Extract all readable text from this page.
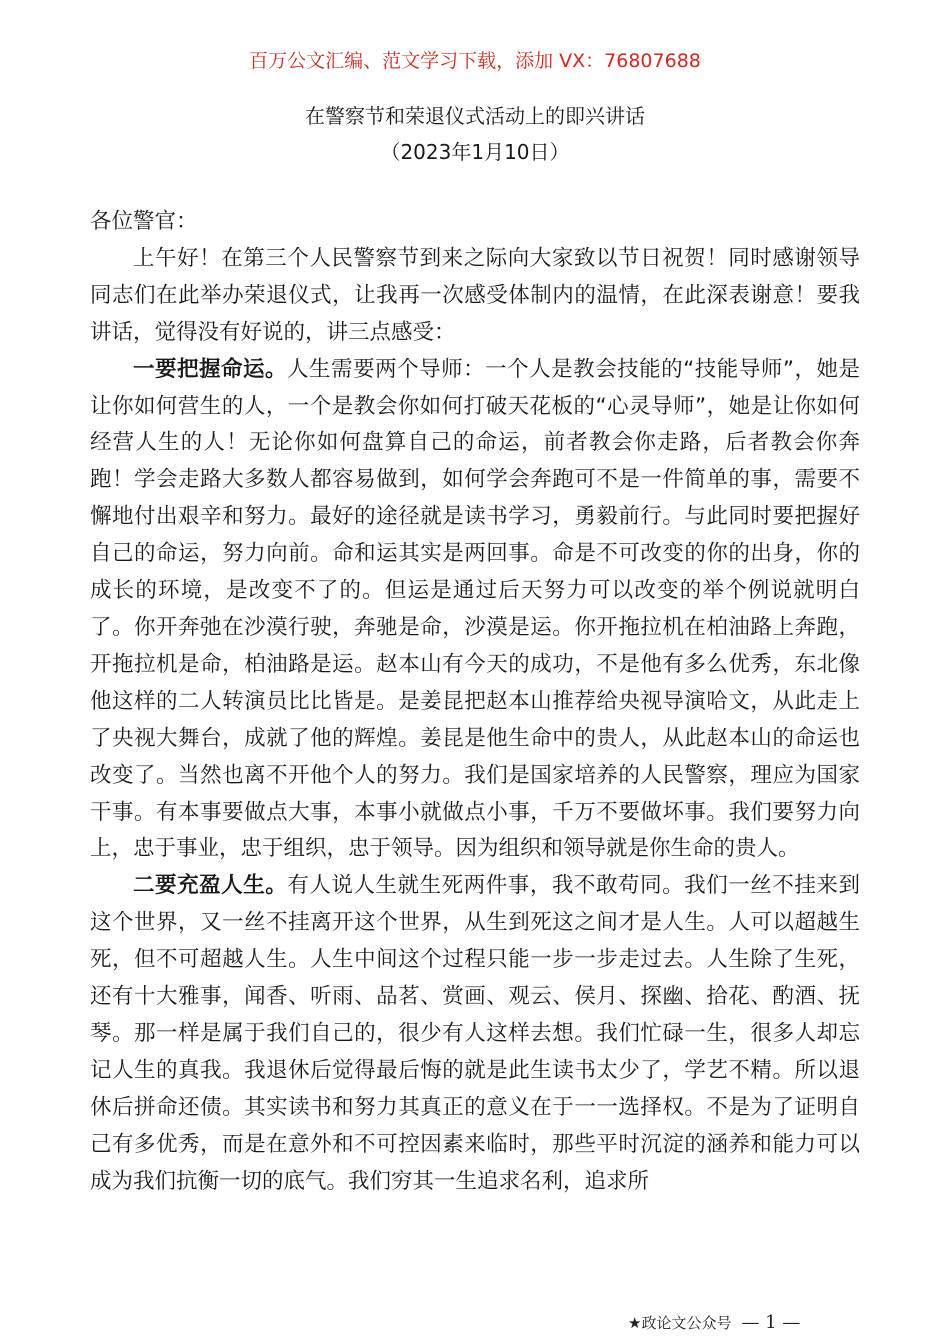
百万公文汇编、范文学习下载，添加 VX：76807688
在警察节和荣退仪式活动上的即兴讲话
（2023年1月10日）

各位警官：

上午好！在第三个人民警察节到来之际向大家致以节日祝贺！同时感谢领导同志们在此举办荣退仪式，让我再一次感受体制内的温情，在此深表谢意！要我讲话，觉得没有好说的，讲三点感受：

一要把握命运。人生需要两个导师：一个人是教会技能的“技能导师”，她是让你如何营生的人，一个是教会你如何打破天花板的“心灵导师”，她是让你如何经营人生的人！无论你如何盘算自己的命运，前者教会你走路，后者教会你奔跑！学会走路大多数人都容易做到，如何学会奔跑可不是一件简单的事，需要不懈地付出艰辛和努力。最好的途径就是读书学习，勇毅前行。与此同时要把握好自己的命运，努力向前。命和运其实是两回事。命是不可改变的你的出身，你的成长的环境，是改变不了的。但运是通过后天努力可以改变的举个例说就明白了。你开奔弛在沙漠行驶，奔驰是命，沙漠是运。你开拖拉机在柏油路上奔跑，开拖拉机是命，柏油路是运。赵本山有今天的成功，不是他有多么优秀，东北像他这样的二人转演员比比皆是。是姜昆把赵本山推荐给央视导演哈文，从此走上了央视大舞台，成就了他的辉煌。姜昆是他生命中的贵人，从此赵本山的命运也改变了。当然也离不开他个人的努力。我们是国家培养的人民警察，理应为国家干事。有本事要做点大事，本事小就做点小事，千万不要做坏事。我们要努力向上，忠于事业，忠于组织，忠于领导。因为组织和领导就是你生命的贵人。

二要充盈人生。有人说人生就生死两件事，我不敢苟同。我们一丝不挂来到这个世界，又一丝不挂离开这个世界，从生到死这之间才是人生。人可以超越生死，但不可超越人生。人生中间这个过程只能一步一步走过去。人生除了生死，还有十大雅事，闻香、听雨、品茗、赏画、观云、侯月、探幽、拾花、酌酒、抚琴。那一样是属于我们自己的，很少有人这样去想。我们忙碌一生，很多人却忘记人生的真我。我退休后觉得最后悔的就是此生读书太少了，学艺不精。所以退休后拼命还债。其实读书和努力其真正的意义在于一一选择权。不是为了证明自己有多优秀，而是在意外和不可控因素来临时，那些平时沉淀的涵养和能力可以成为我们抗衡一切的底气。我们穷其一生追求名利，追求所

★政论文公众号 — 1 —
